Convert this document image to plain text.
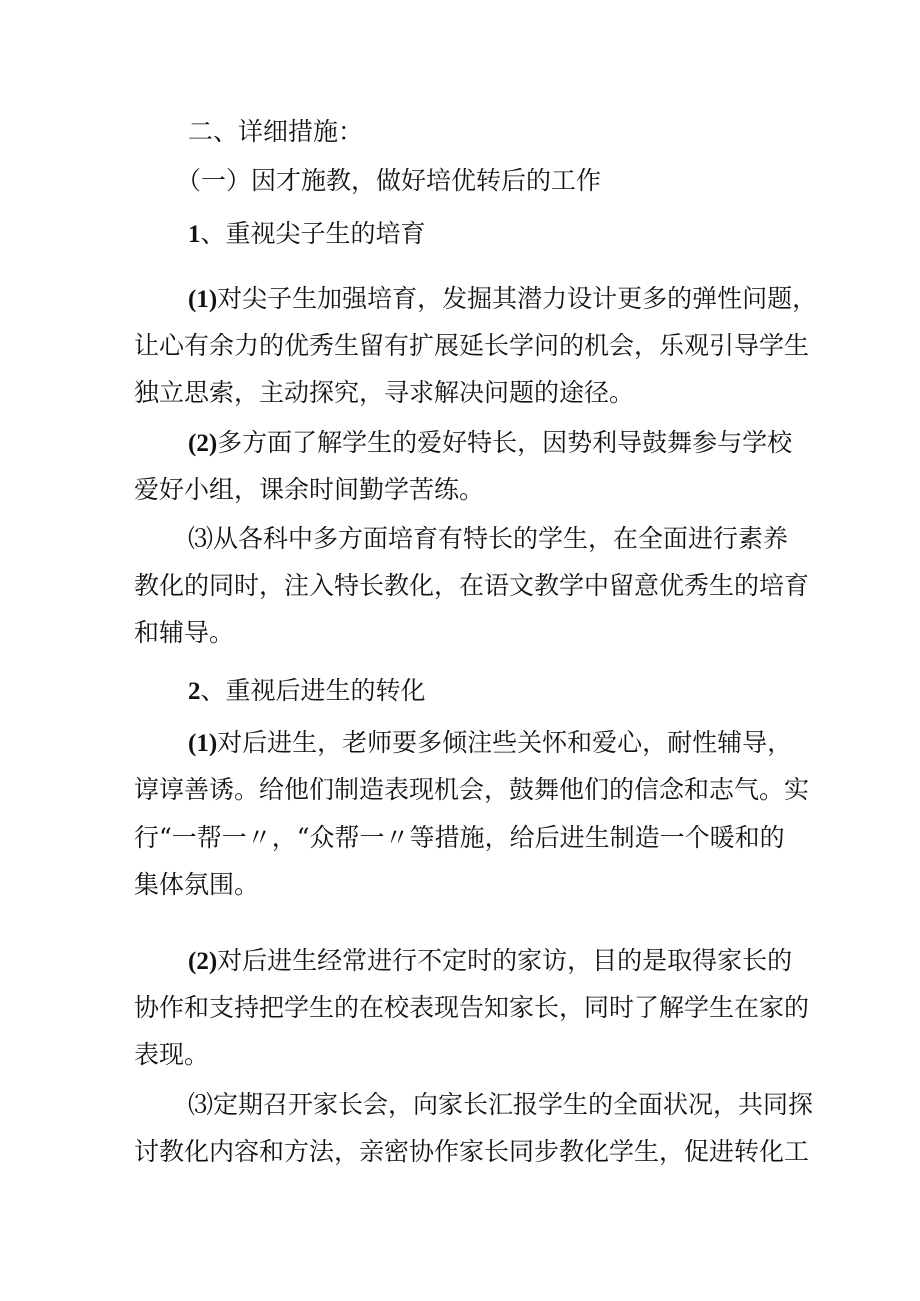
二、详细措施：
（一）因才施教，做好培优转后的工作
1、重视尖子生的培育
(1)对尖子生加强培育，发掘其潜力设计更多的弹性问题，
让心有余力的优秀生留有扩展延长学问的机会，乐观引导学生
独立思索，主动探究，寻求解决问题的途径。
(2)多方面了解学生的爱好特长，因势利导鼓舞参与学校
爱好小组，课余时间勤学苦练。
⑶从各科中多方面培育有特长的学生，在全面进行素养
教化的同时，注入特长教化，在语文教学中留意优秀生的培育
和辅导。
2、重视后进生的转化
(1)对后进生，老师要多倾注些关怀和爱心，耐性辅导，
谆谆善诱。给他们制造表现机会，鼓舞他们的信念和志气。实
行“一帮一〃，“众帮一〃等措施，给后进生制造一个暖和的
集体氛围。
(2)对后进生经常进行不定时的家访，目的是取得家长的
协作和支持把学生的在校表现告知家长，同时了解学生在家的
表现。
⑶定期召开家长会，向家长汇报学生的全面状况，共同探
讨教化内容和方法，亲密协作家长同步教化学生，促进转化工
